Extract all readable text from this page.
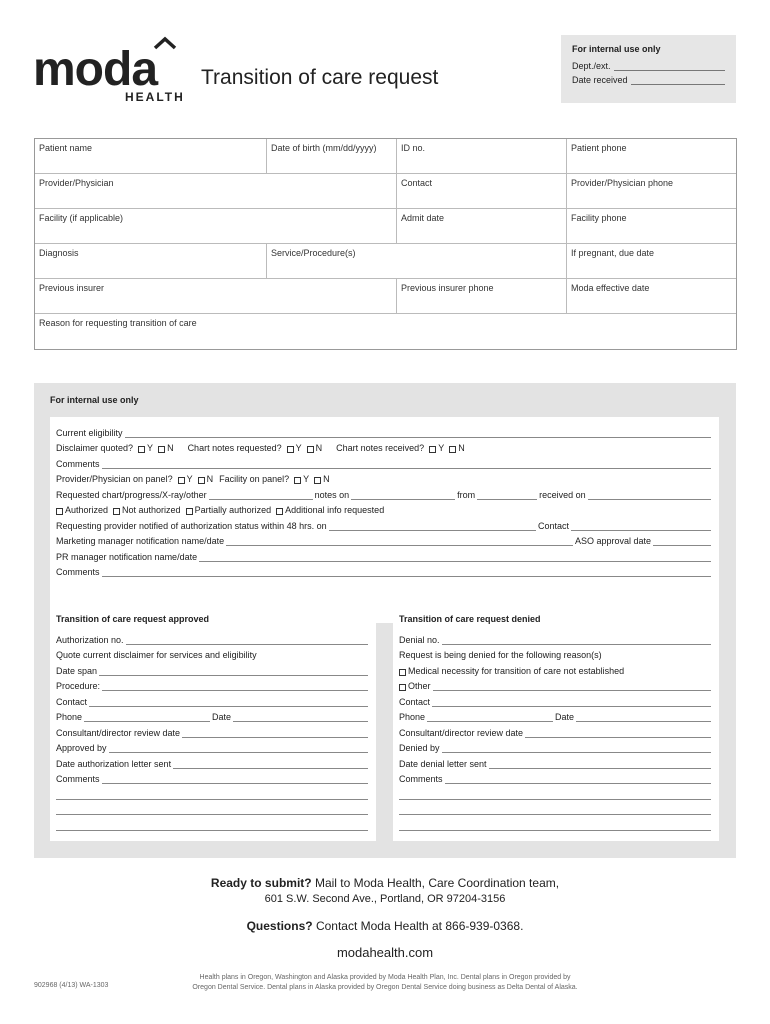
moda
HEALTH
Transition of care request
For internal use only
Dept./ext.
Date received
Patient name	Date of birth (mm/dd/yyyy)	ID no.	Patient phone
Provider/Physician	Contact	Provider/Physician phone
Facility (if applicable)	Admit date	Facility phone
Diagnosis	Service/Procedure(s)	If pregnant, due date
Previous insurer	Previous insurer phone	Moda effective date
Reason for requesting transition of care
For internal use only
Current eligibility
Disclaimer quoted? Y N Chart notes requested? Y N Chart notes received? Y N
Comments
Provider/Physician on panel? Y N Facility on panel? Y N
Requested chart/progress/X-ray/other	notes on	from	received on
Authorized Not authorized Partially authorized Additional info requested
Requesting provider notified of authorization status within 48 hrs. on	Contact
Marketing manager notification name/date	ASO approval date
PR manager notification name/date
Comments
Transition of care request approved
Authorization no.
Quote current disclaimer for services and eligibility
Date span
Procedure:
Contact
Phone	Date
Consultant/director review date
Approved by
Date authorization letter sent
Comments
Transition of care request denied
Denial no.
Request is being denied for the following reason(s)
Medical necessity for transition of care not established
Other
Contact
Phone	Date
Consultant/director review date
Denied by
Date denial letter sent
Comments
Ready to submit? Mail to Moda Health, Care Coordination team,
601 S.W. Second Ave., Portland, OR 97204-3156
Questions? Contact Moda Health at 866-939-0368.
modahealth.com
Health plans in Oregon, Washington and Alaska provided by Moda Health Plan, Inc. Dental plans in Oregon provided by
Oregon Dental Service. Dental plans in Alaska provided by Oregon Dental Service doing business as Delta Dental of Alaska.
902968 (4/13) WA-1303
